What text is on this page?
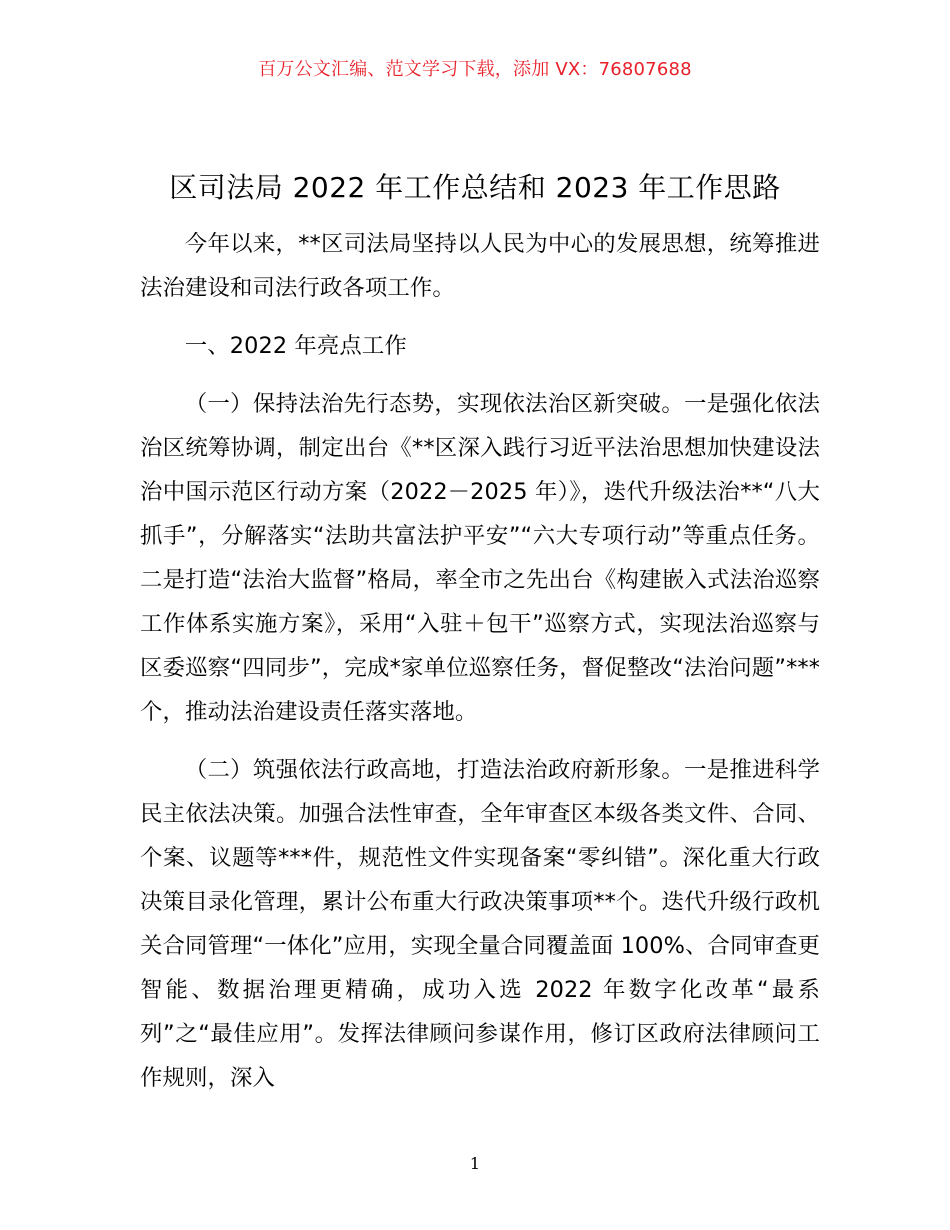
百万公文汇编、范文学习下载，添加 VX：76807688
区司法局 2022 年工作总结和 2023 年工作思路

今年以来，**区司法局坚持以人民为中心的发展思想，统筹推进法治建设和司法行政各项工作。

一、2022 年亮点工作

（一）保持法治先行态势，实现依法治区新突破。一是强化依法治区统筹协调，制定出台《**区深入践行习近平法治思想加快建设法治中国示范区行动方案（2022－2025 年）》，迭代升级法治**“八大抓手”，分解落实“法助共富法护平安”“六大专项行动”等重点任务。二是打造“法治大监督”格局，率全市之先出台《构建嵌入式法治巡察工作体系实施方案》，采用“入驻＋包干”巡察方式，实现法治巡察与区委巡察“四同步”，完成*家单位巡察任务，督促整改“法治问题”***个，推动法治建设责任落实落地。

（二）筑强依法行政高地，打造法治政府新形象。一是推进科学民主依法决策。加强合法性审查，全年审查区本级各类文件、合同、个案、议题等***件，规范性文件实现备案“零纠错”。深化重大行政决策目录化管理，累计公布重大行政决策事项**个。迭代升级行政机关合同管理“一体化”应用，实现全量合同覆盖面 100%、合同审查更智能、数据治理更精确，成功入选 2022 年数字化改革“最系列”之“最佳应用”。发挥法律顾问参谋作用，修订区政府法律顾问工作规则，深入

1
